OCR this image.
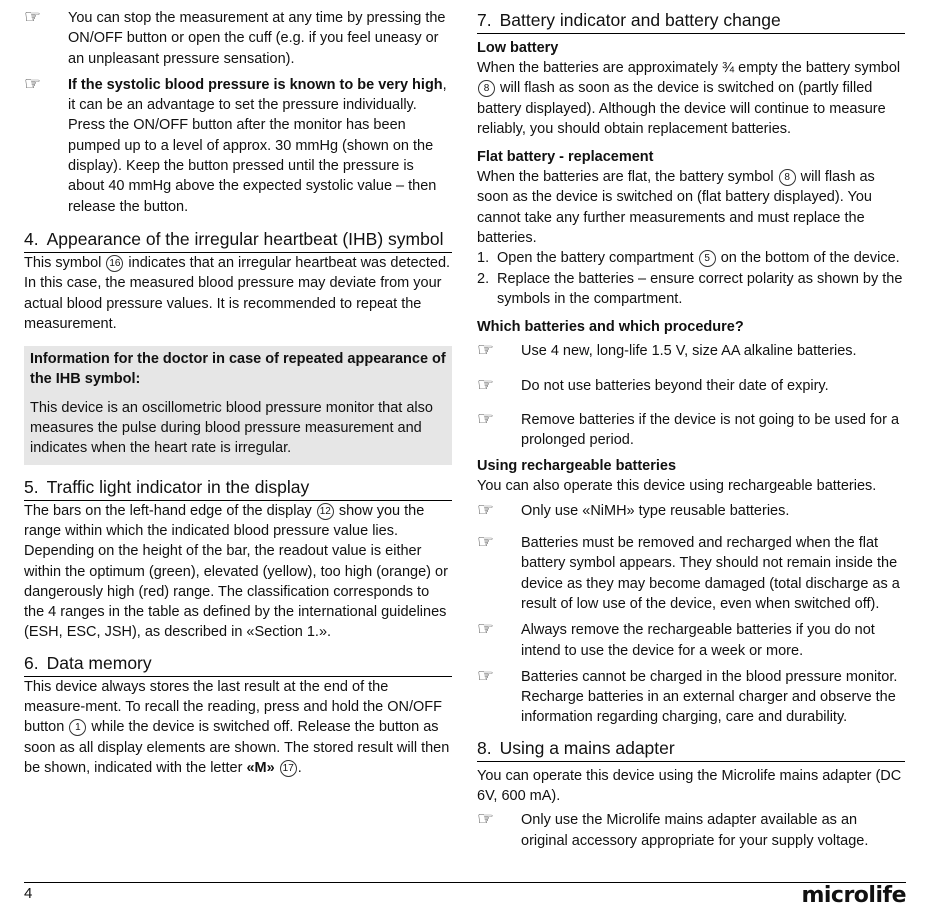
☞	You can stop the measurement at any time by pressing the ON/OFF button or open the cuff (e.g. if you feel uneasy or an unpleasant pressure sensation).

☞	If the systolic blood pressure is known to be very high, it can be an advantage to set the pressure individually. Press the ON/OFF button after the monitor has been pumped up to a level of approx. 30 mmHg (shown on the display). Keep the button pressed until the pressure is about 40 mmHg above the expected systolic value – then release the button.

4. Appearance of the irregular heartbeat (IHB) symbol

This symbol 16 indicates that an irregular heartbeat was detected. In this case, the measured blood pressure may deviate from your actual blood pressure values. It is recommended to repeat the measurement.

Information for the doctor in case of repeated appearance of the IHB symbol:

This device is an oscillometric blood pressure monitor that also measures the pulse during blood pressure measurement and indicates when the heart rate is irregular.

5. Traffic light indicator in the display

The bars on the left-hand edge of the display 12 show you the range within which the indicated blood pressure value lies. Depending on the height of the bar, the readout value is either within the optimum (green), elevated (yellow), too high (orange) or dangerously high (red) range. The classification corresponds to the 4 ranges in the table as defined by the international guidelines (ESH, ESC, JSH), as described in «Section 1.».

6. Data memory

This device always stores the last result at the end of the measure-ment. To recall the reading, press and hold the ON/OFF button 1 while the device is switched off. Release the button as soon as all display elements are shown. The stored result will then be shown, indicated with the letter «M» 17 .

7. Battery indicator and battery change
Low battery

When the batteries are approximately ¾ empty the battery symbol 8 will flash as soon as the device is switched on (partly filled battery displayed). Although the device will continue to measure reliably, you should obtain replacement batteries.

Flat battery - replacement

When the batteries are flat, the battery symbol 8 will flash as soon as the device is switched on (flat battery displayed). You cannot take any further measurements and must replace the batteries.

1. Open the battery compartment 5 on the bottom of the device.
2. Replace the batteries – ensure correct polarity as shown by the symbols in the compartment.
Which batteries and which procedure?
☞	Use 4 new, long-life 1.5 V, size AA alkaline batteries.

☞	Do not use batteries beyond their date of expiry.

☞	Remove batteries if the device is not going to be used for a prolonged period.

Using rechargeable batteries

You can also operate this device using rechargeable batteries.

☞	Only use «NiMH» type reusable batteries.

☞	Batteries must be removed and recharged when the flat battery symbol appears. They should not remain inside the device as they may become damaged (total discharge as a result of low use of the device, even when switched off).

☞	Always remove the rechargeable batteries if you do not intend to use the device for a week or more.

☞	Batteries cannot be charged in the blood pressure monitor. Recharge batteries in an external charger and observe the information regarding charging, care and durability.

8. Using a mains adapter

You can operate this device using the Microlife mains adapter (DC 6V, 600 mA).

☞	Only use the Microlife mains adapter available as an original accessory appropriate for your supply voltage.

4	microlife
